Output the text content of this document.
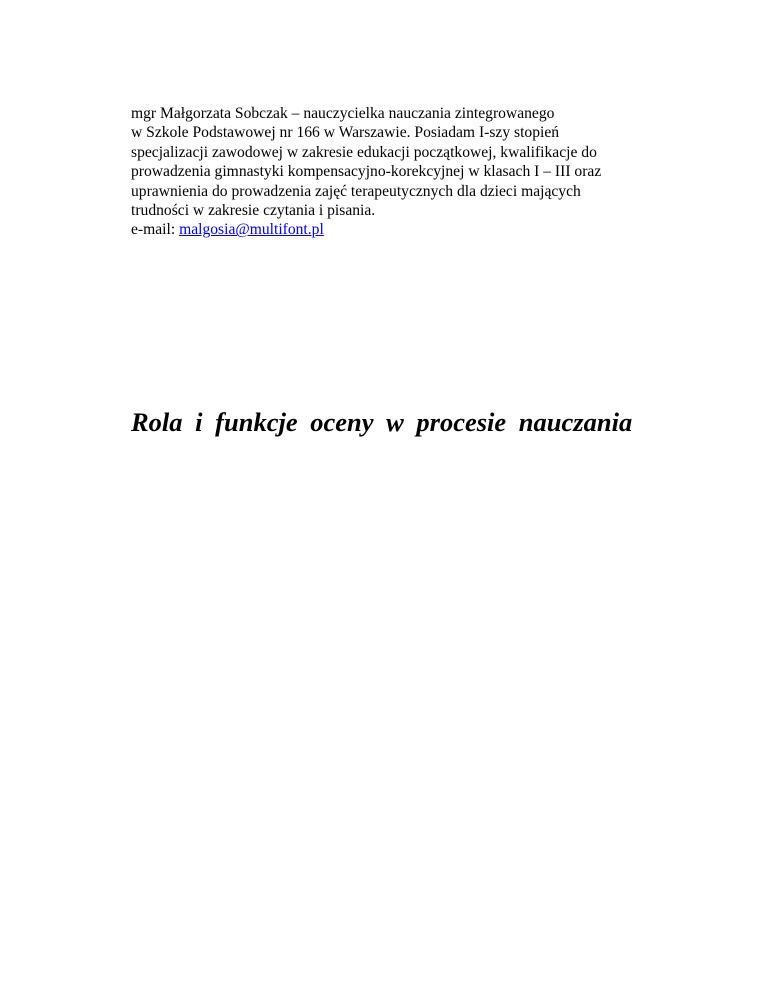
mgr Małgorzata Sobczak – nauczycielka nauczania zintegrowanego
w Szkole Podstawowej nr 166 w Warszawie. Posiadam I-szy stopień
specjalizacji zawodowej w zakresie edukacji początkowej, kwalifikacje do
prowadzenia gimnastyki kompensacyjno-korekcyjnej w klasach I – III oraz
uprawnienia do prowadzenia zajęć terapeutycznych dla dzieci mających
trudności w zakresie czytania i pisania.
e-mail: malgosia@multifont.pl
Rola i funkcje oceny w procesie nauczania
